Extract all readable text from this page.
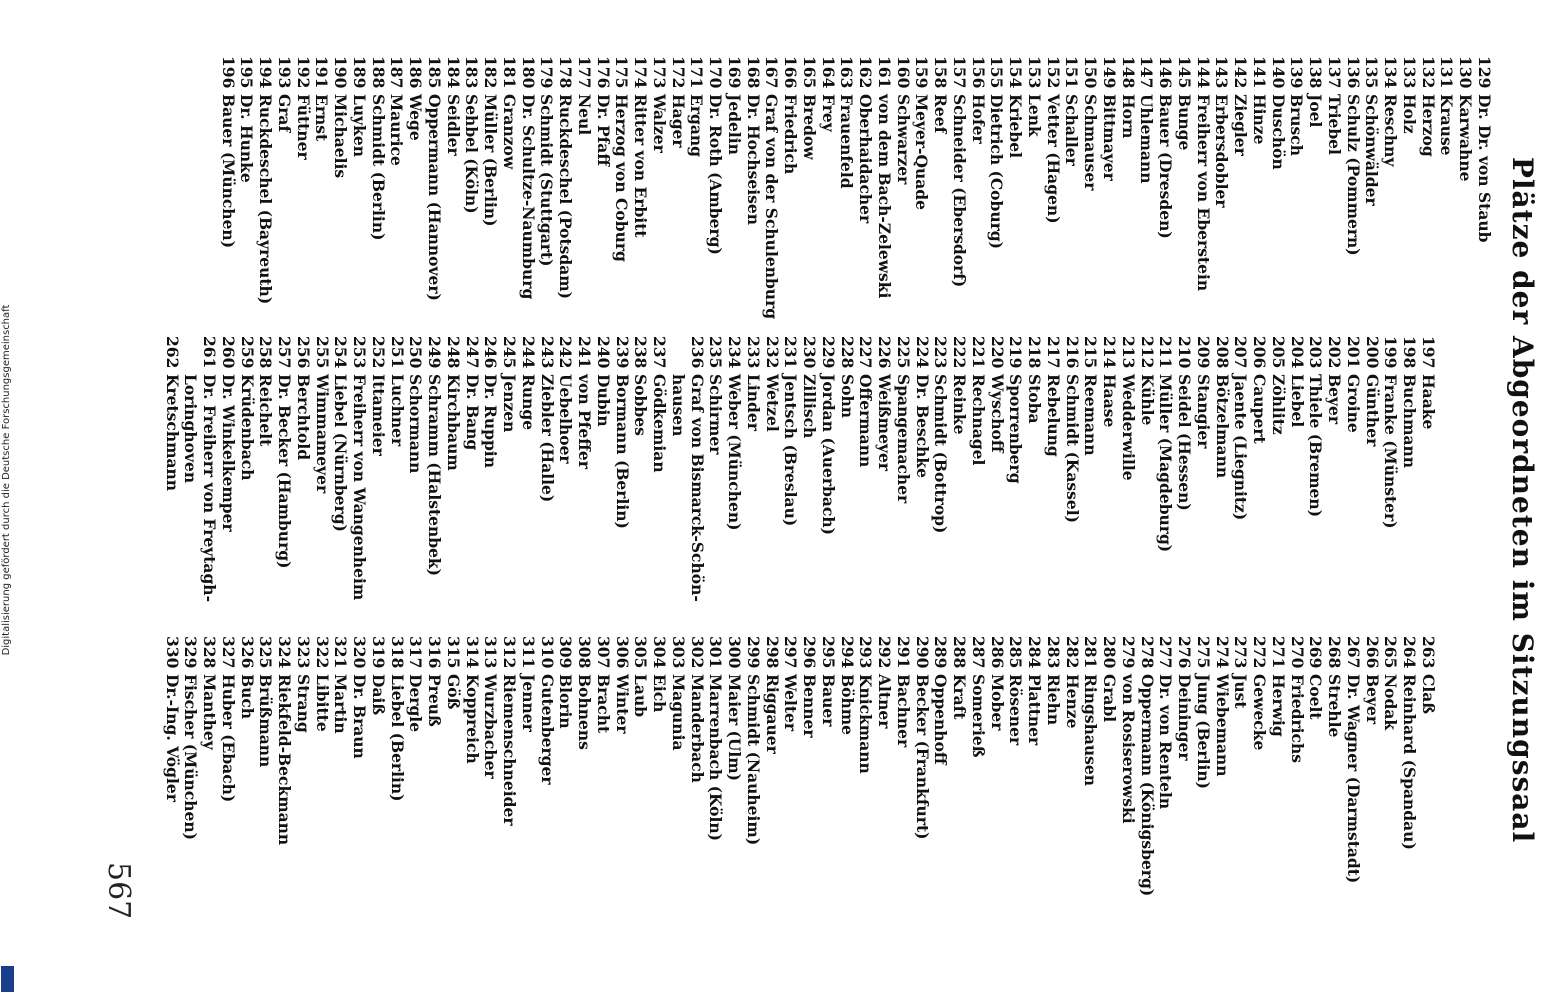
Plätze der Abgeordneten im Sitzungssaal
129
Dr. Dr. von Staub
130
Karwahne
131
Krause
132
Herzog
133
Holz
134
Reschny
135
Schönwälder
136
Schulz (Pommern)
137
Triebel
138
Joel
139
Brusch
140
Duschön
141
Hinze
142
Ziegler
143
Erbersdobler
144
Freiherr von Eberstein
145
Bunge
146
Bauer (Dresden)
147
Uhlemann
148
Horn
149
Bittmayer
150
Schmauser
151
Schaller
152
Vetter (Hagen)
153
Lenk
154
Kriebel
155
Dietrich (Coburg)
156
Hofer
157
Schneider (Ebersdorf)
158
Reef
159
Meyer-Quade
160
Schwarzer
161
von dem Bach-Zelewski
162
Oberhaidacher
163
Frauenfeld
164
Frey
165
Bredow
166
Friedrich
167
Graf von der Schulenburg
168
Dr. Hochseisen
169
Jedelin
170
Dr. Roth (Amberg)
171
Ergang
172
Hager
173
Walzer
174
Ritter von Erbitt
175
Herzog von Coburg
176
Dr. Pfaff
177
Neul
178
Ruckdeschel (Potsdam)
179
Schmidt (Stuttgart)
180
Dr. Schultze-Naumburg
181
Granzow
182
Müller (Berlin)
183
Sehbel (Köln)
184
Seidler
185
Oppermann (Hannover)
186
Wege
187
Maurice
188
Schmidt (Berlin)
189
Luyken
190
Michaelis
191
Ernst
192
Füttner
193
Graf
194
Ruckdeschel (Bayreuth)
195
Dr. Hunke
196
Bauer (München)
197
Haake
198
Buchmann
199
Franke (Münster)
200
Günther
201
Groine
202
Beyer
203
Thiele (Bremen)
204
Liebel
205
Zöhlitz
206
Caupert
207
Jaente (Liegnitz)
208
Bötzelmann
209
Stangier
210
Seidel (Hessen)
211
Müller (Magdeburg)
212
Kühle
213
Wedderwille
214
Haase
215
Reemann
216
Schmidt (Kassel)
217
Rebelung
218
Stoba
219
Sporrenberg
220
Wyschoff
221
Rechnagel
222
Reinke
223
Schmidt (Bottrop)
224
Dr. Beschke
225
Spangemacher
226
Weißmeyer
227
Offermann
228
Sohn
229
Jordan (Auerbach)
230
Zillisch
231
Jentsch (Breslau)
232
Wetzel
233
Linder
234
Weber (München)
235
Schirmer
236
Graf von Bismarck-Schön-
hausen
237
Gödkemian
238
Sobbes
239
Bormann (Berlin)
240
Dubin
241
von Pfeffer
242
Uebelhoer
243
Ziebler (Halle)
244
Runge
245
Jenzen
246
Dr. Ruppin
247
Dr. Bang
248
Kirchbaum
249
Schramm (Halstenbek)
250
Schormann
251
Luchner
252
Ittameier
253
Freiherr von Wangenheim
254
Liebel (Nürnberg)
255
Wimmameyer
256
Berchtold
257
Dr. Becker (Hamburg)
258
Reichelt
259
Krüdenbach
260
Dr. Winkelkemper
261
Dr. Freiherr von Freytagh-
Loringhoven
262
Kretschmann
263
Claß
264
Reinhard (Spandau)
265
Nodak
266
Beyer
267
Dr. Wagner (Darmstadt)
268
Strehle
269
Coelt
270
Friedrichs
271
Herwig
272
Gewecke
273
Just
274
Wiebemann
275
Jung (Berlin)
276
Deininger
277
Dr. von Renteln
278
Oppermann (Königsberg)
279
von Rosiserowski
280
Grabl
281
Ringshausen
282
Henze
283
Riehn
284
Plattner
285
Rösener
286
Mober
287
Somerieß
288
Kraft
289
Oppenhoff
290
Becker (Frankfurt)
291
Bachner
292
Altner
293
Knickmann
294
Böhme
295
Bauer
296
Benner
297
Welter
298
Riggauer
299
Schmidt (Nauheim)
300
Maier (Ulm)
301
Marrenbach (Köln)
302
Manderbach
303
Magunia
304
Eich
305
Laub
306
Winter
307
Bracht
308
Bohnens
309
Blorin
310
Gutenberger
311
Jenner
312
Riemenschneider
313
Wurzbacher
314
Koppreich
315
Göß
316
Preuß
317
Dergle
318
Liebel (Berlin)
319
Daiß
320
Dr. Braun
321
Martin
322
Libitte
323
Strang
324
Riekfeld-Beckmann
325
Brüßmann
326
Buch
327
Huber (Ebach)
328
Manthey
329
Fischer (München)
330
Dr.-Ing. Vögler

567

Digitalisierung gefördert durch die Deutsche Forschungsgemeinschaft
